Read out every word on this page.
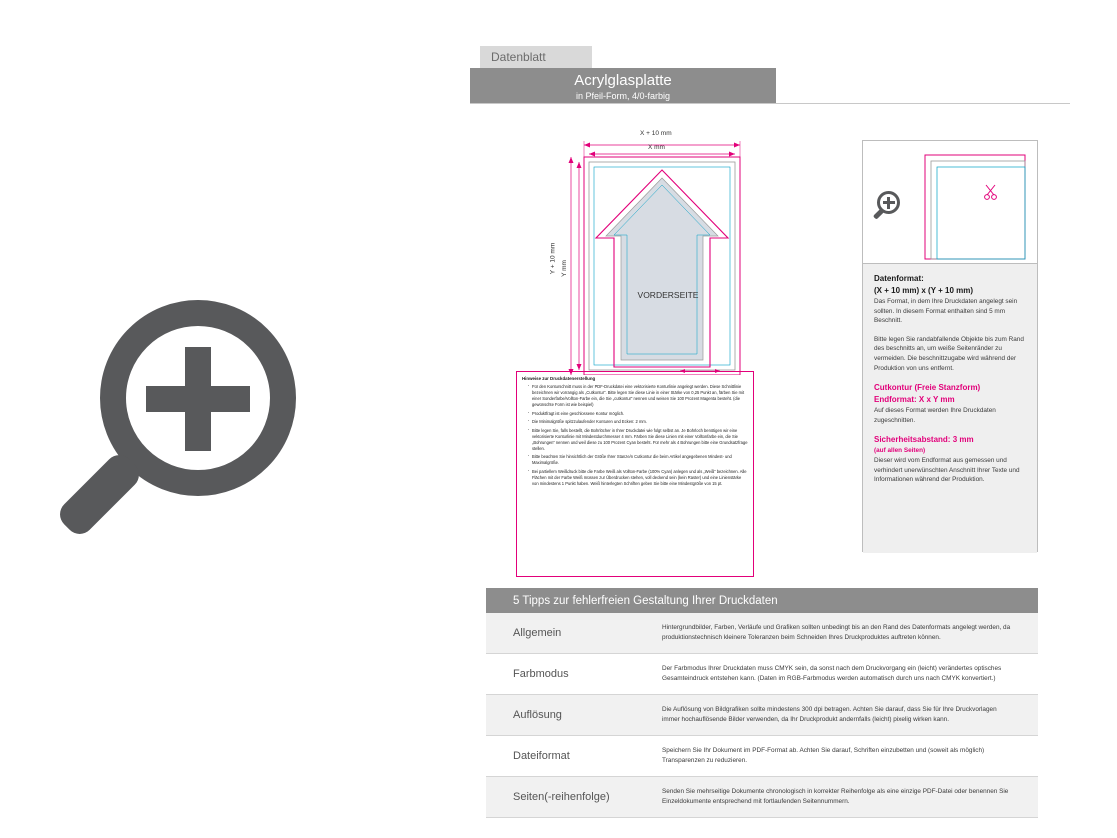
Datenblatt
Acrylglasplatte
in Pfeil-Form, 4/0-farbig
X + 10 mm
X mm
Y + 10 mm Y mm
VORDERSEITE
Hinweise zur Druckdatenerstellung
· Für den Konturschnitt muss in der PDF-Druckdatei eine vektorisierte Konturlinie angelegt werden. Diese Schnittlinie bezeichnen wir vorrangig als „Cutkontur“. Bitte legen Sie diese Linie in einer Stärke von 0,25 Punkt an, färben Sie mit einer Sonderfarbe/Vollton-Farbe ein, die Sie „cutkontur“ nennen und weisen Sie 100 Prozent Magenta besteht. (die gewünschte Form ist wie beispiel)
· Produktfragt ist eine geschlossene Kontur möglich.
· Die Minimalgröße spitzzulaufender Konturen und Ecken: 2 mm.
· Bitte legen Sie, falls bestellt, die Bohrlöcher in Ihrer Druckdatei wie folgt selbst an. Je Bohrloch benötigen wir eine vektorisierte Konturlinie mit Mindestdurchmesser 4 mm. Färben Sie diese Linien mit einer Volltonfarbe ein, die Sie „Bohrungen“ nennen und weil diese zu 100 Prozent Cyan besteht. Für mehr als 4 Bohrungen bitte eine Grundsatzfrage stellen.
· Bitte beachten Sie hinsichtlich der Größe Ihrer Stanze/n Cutkontur die beim Artikel angegebenen Mindest- und Maximalgröße.
· Bei partiellem Weißdruck bitte die Farbe Weiß als Vollton-Farbe (100% Cyan) anlegen und als „Weiß“ bezeichnen. Alle Flächen mit der Farbe Weiß müssen zur Überdrucken stehen, voll deckend sein (kein Raster) und eine Linienstärke von mindestens 1 Punkt haben. Weiß hinterlegten Schriften geben Sie bitte eine Mindestgröße von 15 pt.

Datenformat:
(X + 10 mm) x (Y + 10 mm)
Das Format, in dem Ihre Druckdaten angelegt sein sollten. In diesem Format enthalten sind 5 mm Beschnitt.

Bitte legen Sie randabfallende Objekte bis zum Rand des beschnitts an, um weiße Seitenränder zu vermeiden. Die beschnittzugabe wird während der Produktion von uns entfernt.

Cutkontur (Freie Stanzform)
Endformat: X x Y mm
Auf dieses Format werden Ihre Druckdaten zugeschnitten.

Sicherheitsabstand: 3 mm
(auf allen Seiten)
Dieser wird vom Endformat aus gemessen und verhindert unerwünschten Anschnitt Ihrer Texte und Informationen während der Produktion.

5 Tipps zur fehlerfreien Gestaltung Ihrer Druckdaten
Allgemein	Hintergrundbilder, Farben, Verläufe und Grafiken sollten unbedingt bis an den Rand des Datenformats angelegt werden, da produktionstechnisch kleinere Toleranzen beim Schneiden Ihres Druckproduktes auftreten können.
Farbmodus	Der Farbmodus Ihrer Druckdaten muss CMYK sein, da sonst nach dem Druckvorgang ein (leicht) verändertes optisches Gesamteindruck entstehen kann. (Daten im RGB-Farbmodus werden automatisch durch uns nach CMYK konvertiert.)
Auflösung	Die Auflösung von Bildgrafiken sollte mindestens 300 dpi betragen. Achten Sie darauf, dass Sie für Ihre Druckvorlagen immer hochauflösende Bilder verwenden, da Ihr Druckprodukt andernfalls (leicht) pixelig wirken kann.
Dateiformat	Speichern Sie Ihr Dokument im PDF-Format ab. Achten Sie darauf, Schriften einzubetten und (soweit als möglich) Transparenzen zu reduzieren.
Seiten(-reihenfolge)	Senden Sie mehrseitige Dokumente chronologisch in korrekter Reihenfolge als eine einzige PDF-Datei oder benennen Sie Einzeldokumente entsprechend mit fortlaufenden Seitennummern.
